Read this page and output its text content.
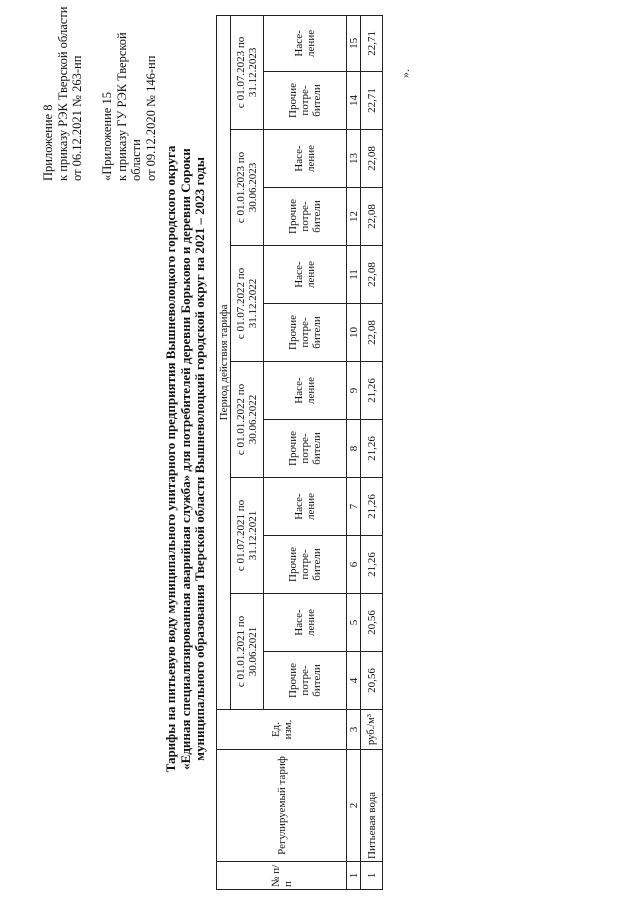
Приложение 8 к приказу РЭК Тверской области от 06.12.2021 № 263-нп «Приложение 15 к приказу ГУ РЭК Тверской области от 09.12.2020 № 146-нп
Тарифы на питьевую воду муниципального унитарного предприятия Вышневолоцкого городского округа «Единая специализированная аварийная служба» для потребителей деревни Борьково и деревни Сороки муниципального образования Тверской области Вышневолоцкий городской округ на 2021 – 2023 годы
№ п/п	Регулируемый тариф	Ед. изм.	Период действия тарифа											
			с 01.01.2021 по 30.06.2021		с 01.07.2021 по 31.12.2021		с 01.01.2022 по 30.06.2022		с 01.07.2022 по 31.12.2022		с 01.01.2023 по 30.06.2023		с 01.07.2023 по 31.12.2023	
			Прочие потре-бители	Насе-ление	Прочие потре-бители	Насе-ление	Прочие потре-бители	Насе-ление	Прочие потре-бители	Насе-ление	Прочие потре-бители	Насе-ление	Прочие потре-бители	Насе-ление
1	2	3	4	5	6	7	8	9	10	11	12	13	14	15
1	Питьевая вода	руб./м³	20,56	20,56	21,26	21,26	21,26	21,26	22,08	22,08	22,08	22,08	22,71	22,71
».
